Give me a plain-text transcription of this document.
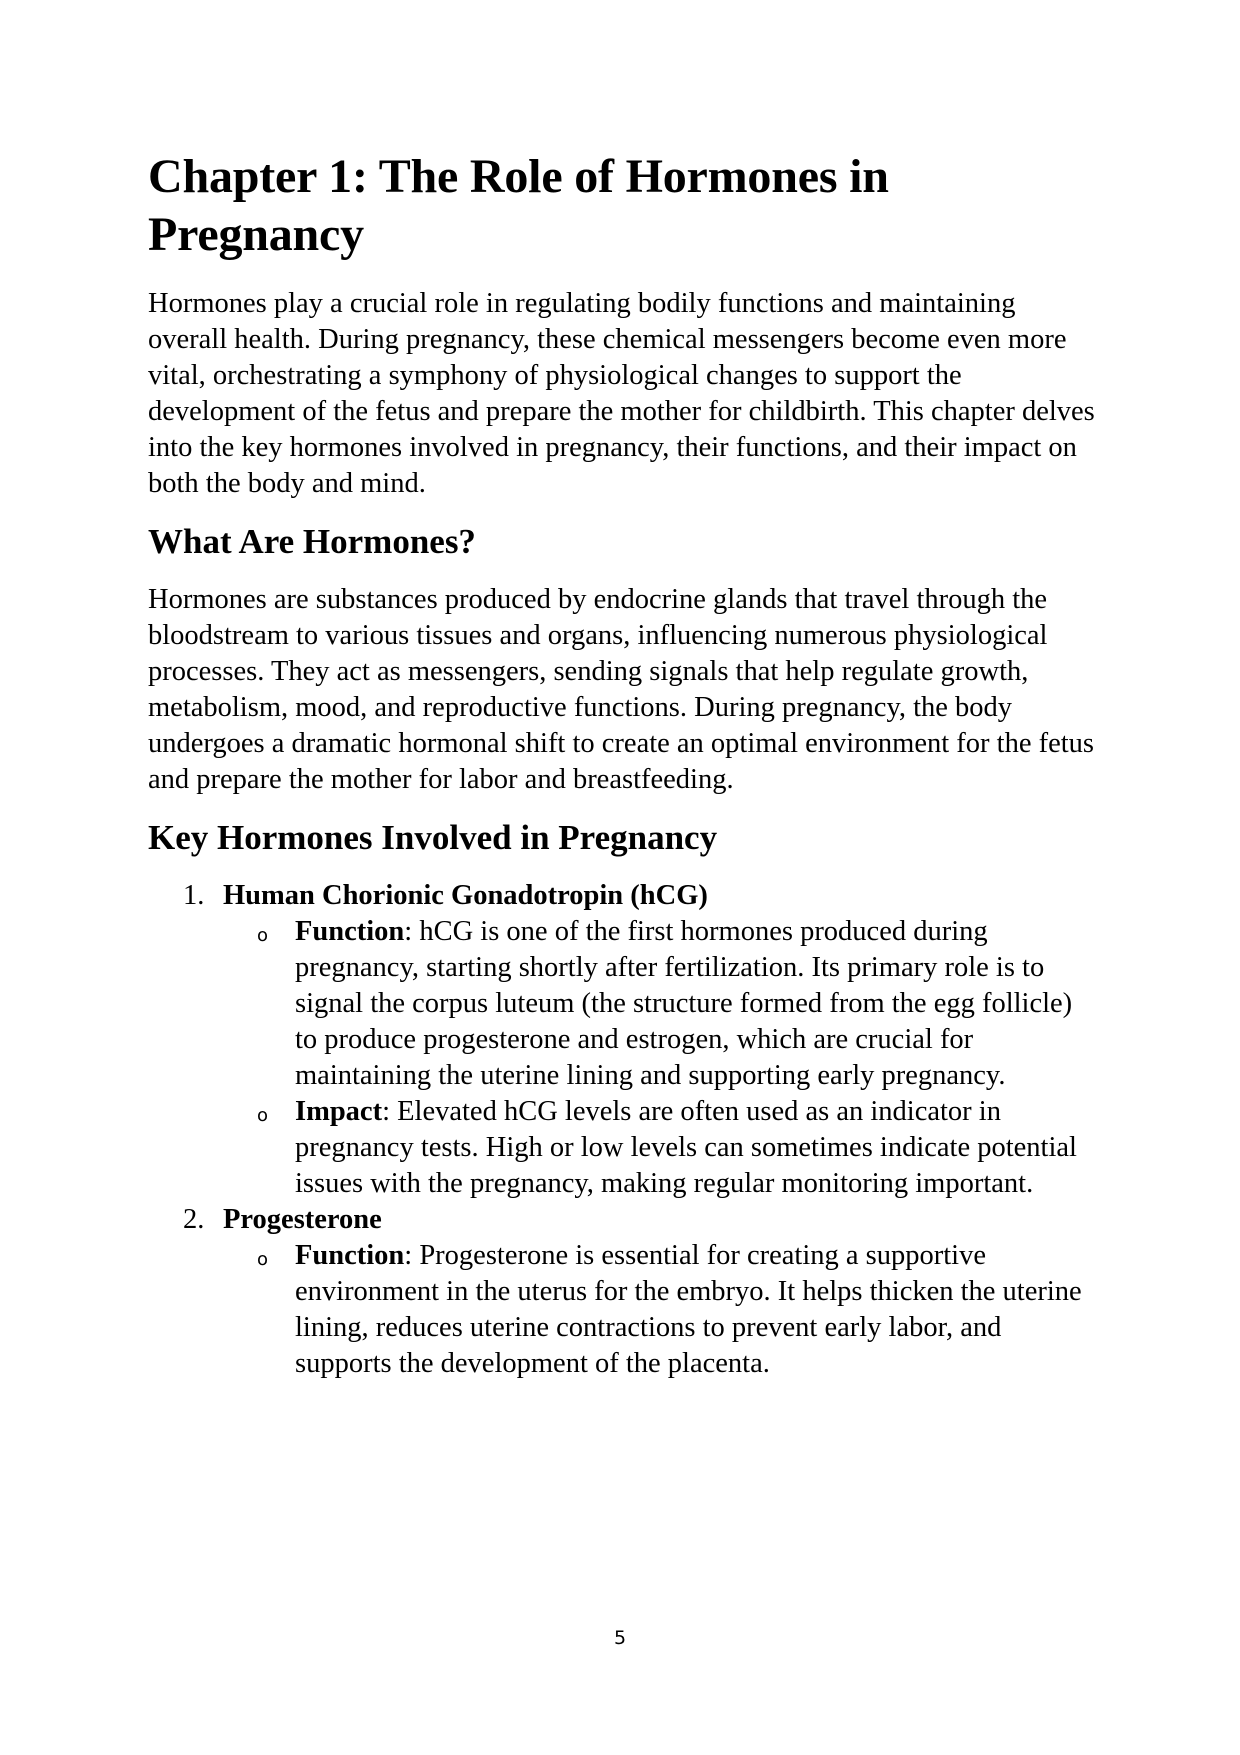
Chapter 1: The Role of Hormones in Pregnancy

Hormones play a crucial role in regulating bodily functions and maintaining overall health. During pregnancy, these chemical messengers become even more vital, orchestrating a symphony of physiological changes to support the development of the fetus and prepare the mother for childbirth. This chapter delves into the key hormones involved in pregnancy, their functions, and their impact on both the body and mind.

What Are Hormones?

Hormones are substances produced by endocrine glands that travel through the bloodstream to various tissues and organs, influencing numerous physiological processes. They act as messengers, sending signals that help regulate growth, metabolism, mood, and reproductive functions. During pregnancy, the body undergoes a dramatic hormonal shift to create an optimal environment for the fetus and prepare the mother for labor and breastfeeding.

Key Hormones Involved in Pregnancy
1. Human Chorionic Gonadotropin (hCG)
o Function: hCG is one of the first hormones produced during pregnancy, starting shortly after fertilization. Its primary role is to signal the corpus luteum (the structure formed from the egg follicle) to produce progesterone and estrogen, which are crucial for maintaining the uterine lining and supporting early pregnancy.
o Impact: Elevated hCG levels are often used as an indicator in pregnancy tests. High or low levels can sometimes indicate potential issues with the pregnancy, making regular monitoring important.
2. Progesterone
o Function: Progesterone is essential for creating a supportive environment in the uterus for the embryo. It helps thicken the uterine lining, reduces uterine contractions to prevent early labor, and supports the development of the placenta.
5
